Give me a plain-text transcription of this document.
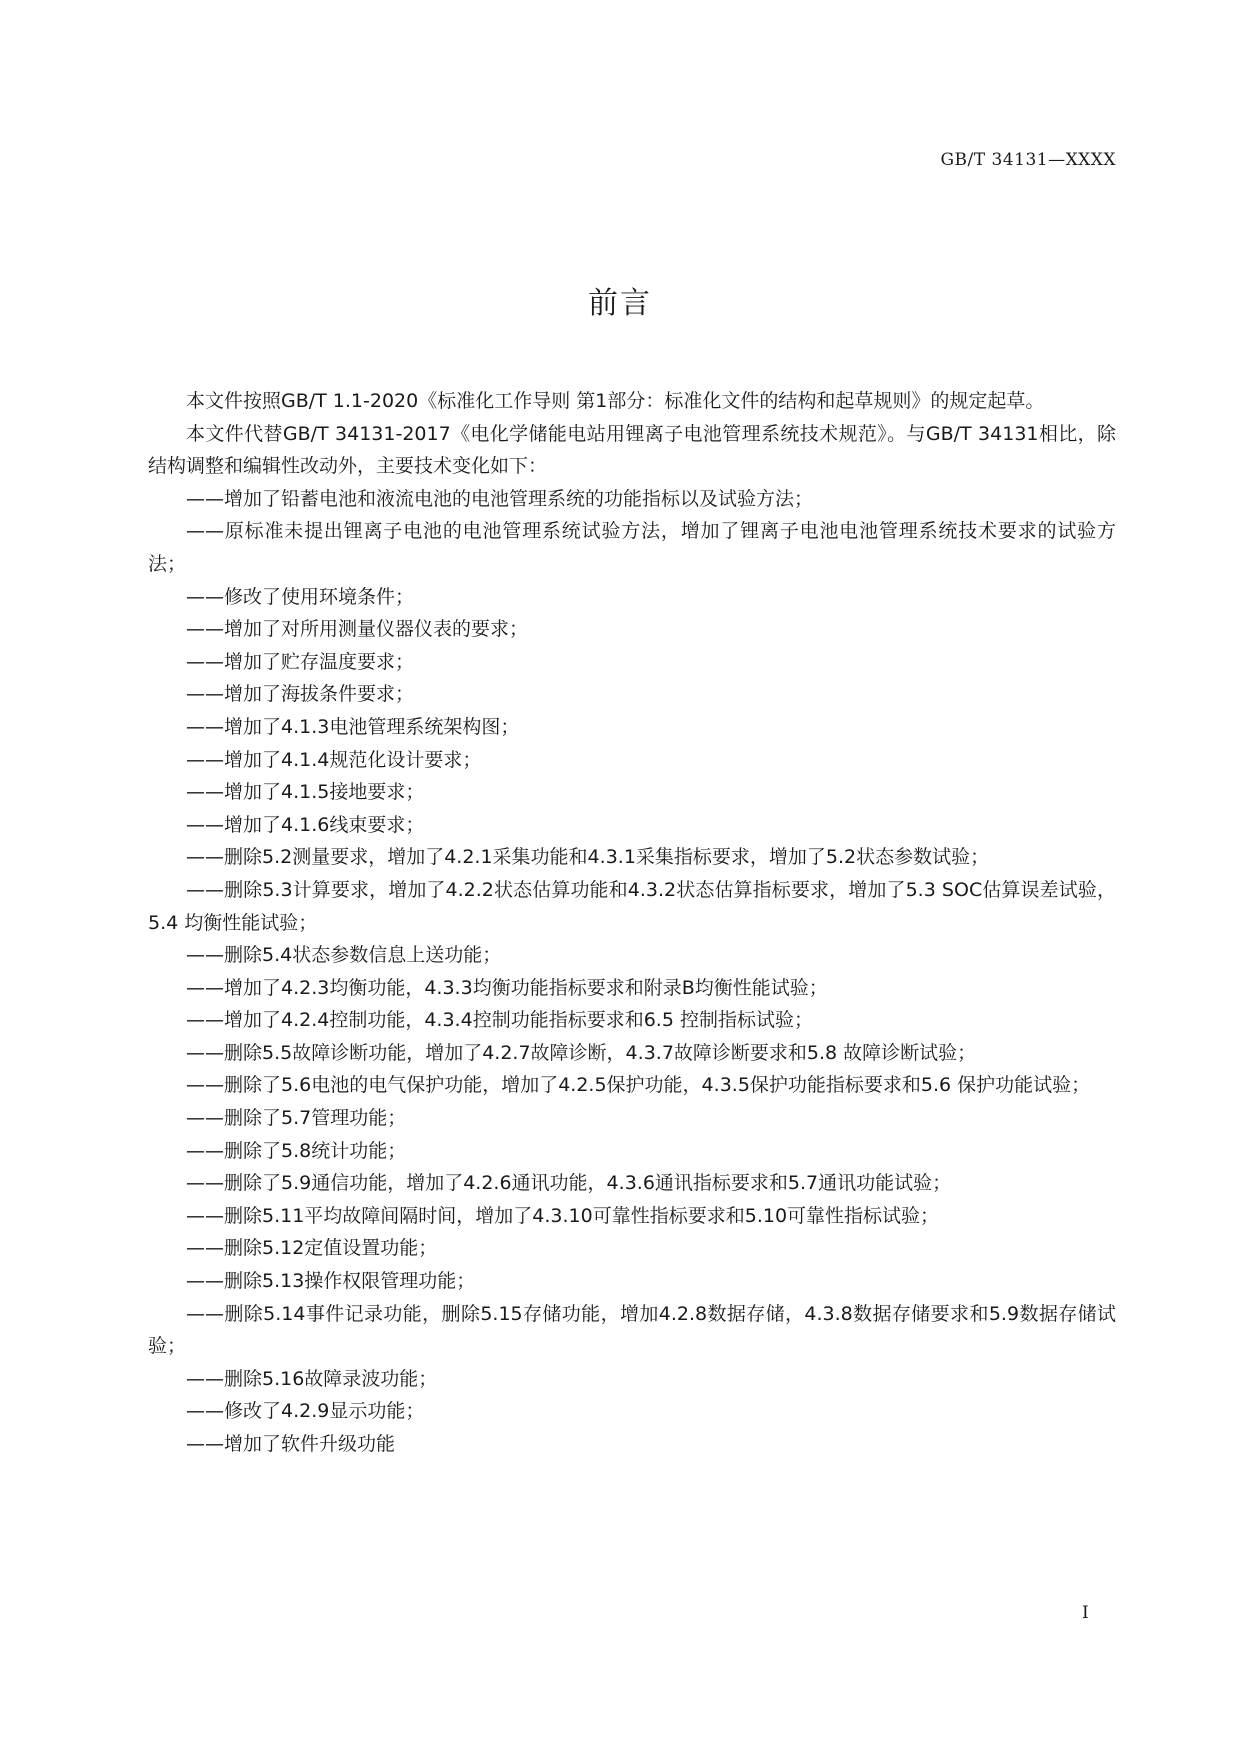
GB/T 34131—XXXX
前言

本文件按照GB/T 1.1-2020《标准化工作导则 第1部分：标准化文件的结构和起草规则》的规定起草。

本文件代替GB/T 34131-2017《电化学储能电站用锂离子电池管理系统技术规范》。与GB/T 34131相比，除结构调整和编辑性改动外，主要技术变化如下：

——增加了铅蓄电池和液流电池的电池管理系统的功能指标以及试验方法；

——原标准未提出锂离子电池的电池管理系统试验方法，增加了锂离子电池电池管理系统技术要求的试验方法；

——修改了使用环境条件；

——增加了对所用测量仪器仪表的要求；

——增加了贮存温度要求；

——增加了海拔条件要求；

——增加了4.1.3电池管理系统架构图；

——增加了4.1.4规范化设计要求；

——增加了4.1.5接地要求；

——增加了4.1.6线束要求；

——删除5.2测量要求，增加了4.2.1采集功能和4.3.1采集指标要求，增加了5.2状态参数试验；

——删除5.3计算要求，增加了4.2.2状态估算功能和4.3.2状态估算指标要求，增加了5.3 SOC估算误差试验，5.4 均衡性能试验；

——删除5.4状态参数信息上送功能；

——增加了4.2.3均衡功能，4.3.3均衡功能指标要求和附录B均衡性能试验；

——增加了4.2.4控制功能，4.3.4控制功能指标要求和6.5 控制指标试验；

——删除5.5故障诊断功能，增加了4.2.7故障诊断，4.3.7故障诊断要求和5.8 故障诊断试验；

——删除了5.6电池的电气保护功能，增加了4.2.5保护功能，4.3.5保护功能指标要求和5.6 保护功能试验；

——删除了5.7管理功能；

——删除了5.8统计功能；

——删除了5.9通信功能，增加了4.2.6通讯功能，4.3.6通讯指标要求和5.7通讯功能试验；

——删除5.11平均故障间隔时间，增加了4.3.10可靠性指标要求和5.10可靠性指标试验；

——删除5.12定值设置功能；

——删除5.13操作权限管理功能；

——删除5.14事件记录功能，删除5.15存储功能，增加4.2.8数据存储，4.3.8数据存储要求和5.9数据存储试验；

——删除5.16故障录波功能；

——修改了4.2.9显示功能；

——增加了软件升级功能

I
